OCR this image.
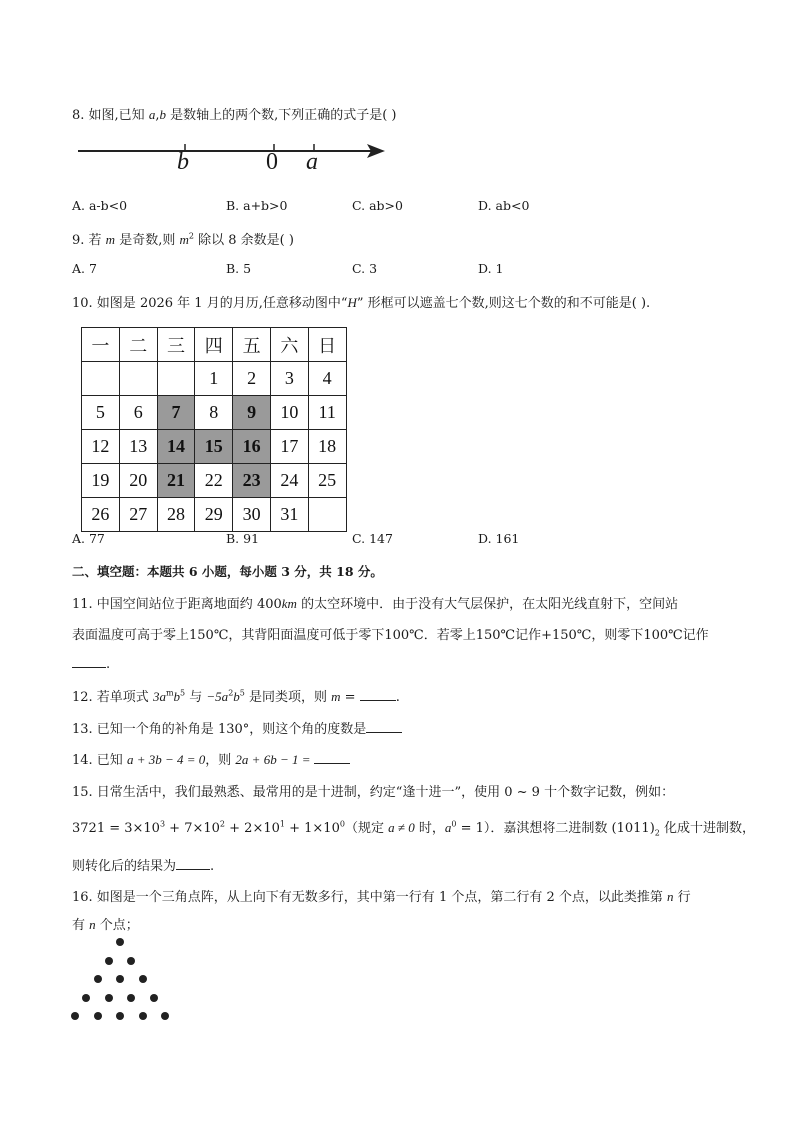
8. 如图,已知 a,b 是数轴上的两个数,下列正确的式子是( )
b	0 a
A. a-b<0	B. a+b>0	C. ab>0	D. ab<0
9. 若 m 是奇数,则 $m^2$ 除以 8 余数是( )
A. 7	B. 5	C. 3	D. 1
10. 如图是 2026 年 1 月的月历,任意移动图中“H” 形框可以遮盖七个数,则这七个数的和不可能是( ).
一	二	三	四	五	六	日
			1	2	3	4
5	6	7	8	9	10	11
12	13	14	15	16	17	18
19	20	21	22	23	24	25
26	27	28	29	30	31	
A. 77	B. 91	C. 147	D. 161
二、填空题：本题共 6 小题，每小题 3 分，共 18 分。
11. 中国空间站位于距离地面约 400km 的太空环境中．由于没有大气层保护，在太阳光线直射下，空间站
表面温度可高于零上150℃，其背阳面温度可低于零下100℃．若零上150℃记作+150℃，则零下100℃记作
.
12. 若单项式 $3a^mb^5$ 与 $-5a^2b^5$ 是同类项，则 m =	.
13. 已知一个角的补角是 130°，则这个角的度数是
14. 已知 a + 3b − 4 = 0，则 2a + 6b − 1 =
15. 日常生活中，我们最熟悉、最常用的是十进制，约定“逢十进一”，使用 0 ~ 9 十个数字记数，例如：
$3721 = 3\times 10^3 + 7\times 10^2 + 2\times 10^1 + 1\times 10^0$（规定 a ≠ 0 时，$a^0 = 1$）．嘉淇想将二进制数 $(1011)_2$ 化成十进制数，
则转化后的结果为	.
16. 如图是一个三角点阵，从上向下有无数多行，其中第一行有 1 个点，第二行有 2 个点，以此类推第 n 行
有 n 个点；
